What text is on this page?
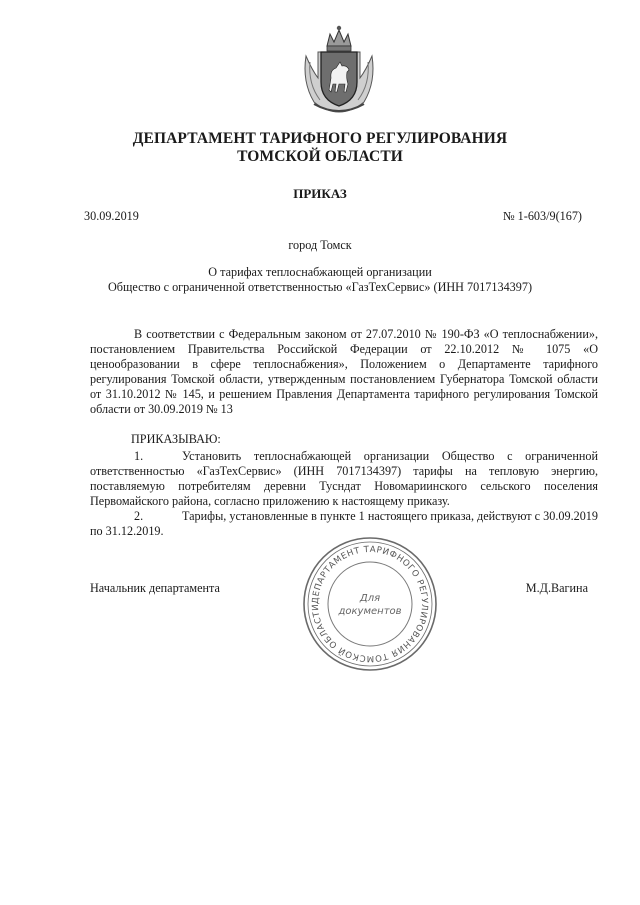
ДЕПАРТАМЕНТ ТАРИФНОГО РЕГУЛИРОВАНИЯ
ТОМСКОЙ ОБЛАСТИ
ПРИКАЗ
30.09.2019	№ 1-603/9(167)
город Томск
О тарифах теплоснабжающей организации
Общество с ограниченной ответственностью «ГазТехСервис» (ИНН 7017134397)
В соответствии с Федеральным законом от 27.07.2010 № 190-ФЗ «О теплоснабжении», постановлением Правительства Российской Федерации от 22.10.2012 № 1075 «О ценообразовании в сфере теплоснабжения», Положением о Департаменте тарифного регулирования Томской области, утвержденным постановлением Губернатора Томской области от 31.10.2012 № 145, и решением Правления Департамента тарифного регулирования Томской области от 30.09.2019 № 13
ПРИКАЗЫВАЮ:
1.	Установить теплоснабжающей организации Общество с ограниченной ответственностью «ГазТехСервис» (ИНН 7017134397) тарифы на тепловую энергию, поставляемую потребителям деревни Тусндат Новомариинского сельского поселения Первомайского района, согласно приложению к настоящему приказу.
2.	Тарифы, установленные в пункте 1 настоящего приказа, действуют с 30.09.2019 по 31.12.2019.
Начальник департамента	М.Д.Вагина
ДЕПАРТАМЕНТ ТАРИФНОГО РЕГУЛИРОВАНИЯ ТОМСКОЙ ОБЛАСТИ
Для
документов
